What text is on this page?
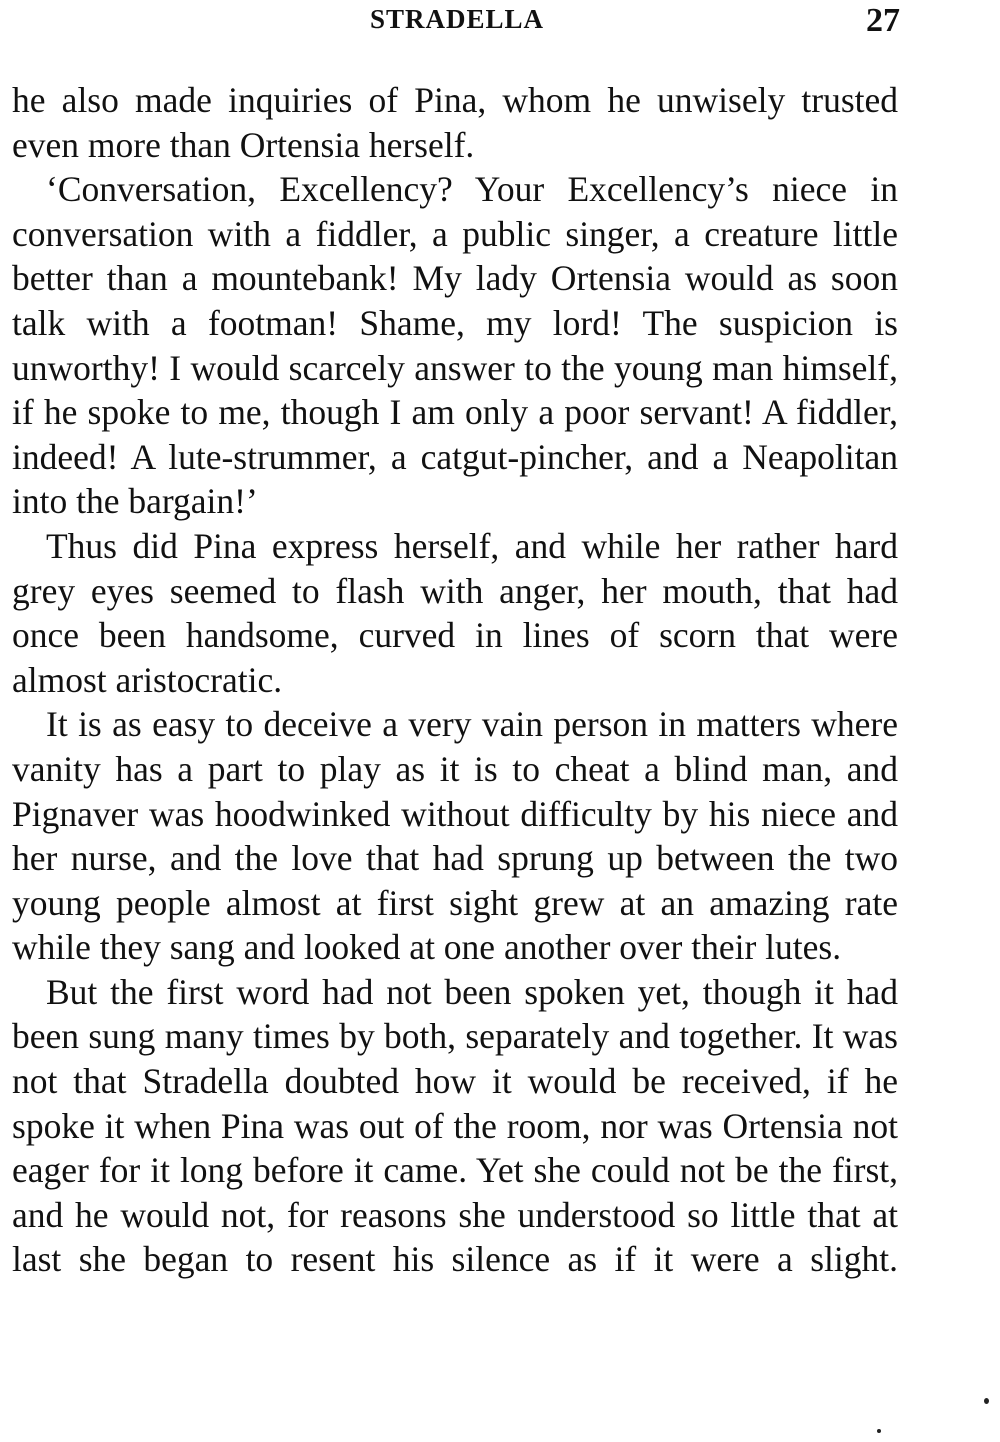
STRADELLA	27

he also made inquiries of Pina, whom he unwisely trusted even more than Ortensia herself.

‘Conversation, Excellency? Your Excellency’s niece in conversation with a fiddler, a public singer, a creature little better than a mountebank! My lady Ortensia would as soon talk with a footman! Shame, my lord! The suspicion is unworthy! I would scarcely answer to the young man himself, if he spoke to me, though I am only a poor servant! A fiddler, indeed! A lute-strummer, a catgut-pincher, and a Neapolitan into the bargain!’

Thus did Pina express herself, and while her rather hard grey eyes seemed to flash with anger, her mouth, that had once been handsome, curved in lines of scorn that were almost aristocratic.

It is as easy to deceive a very vain person in matters where vanity has a part to play as it is to cheat a blind man, and Pignaver was hoodwinked without difficulty by his niece and her nurse, and the love that had sprung up between the two young people almost at first sight grew at an amazing rate while they sang and looked at one another over their lutes.

But the first word had not been spoken yet, though it had been sung many times by both, separately and together. It was not that Stradella doubted how it would be received, if he spoke it when Pina was out of the room, nor was Ortensia not eager for it long before it came. Yet she could not be the first, and he would not, for reasons she understood so little that at last she began to resent his silence as if it were a slight.
